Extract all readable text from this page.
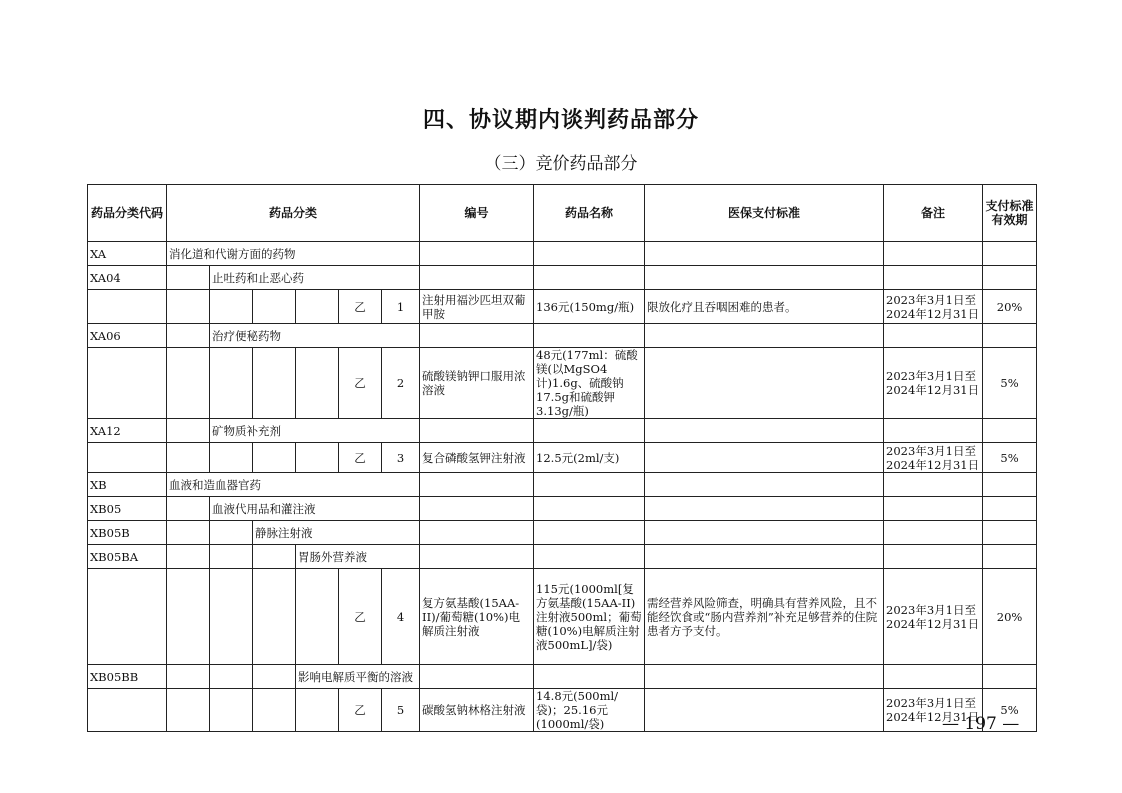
四、协议期内谈判药品部分
（三）竞价药品部分
药品分类代码	药品分类						编号	药品名称	医保支付标准	备注	支付标准有效期	
XA	消化道和代谢方面的药物											
XA04		止吐药和止恶心药										
					乙	1	注射用福沙匹坦双葡甲胺	136元(150mg/瓶)	限放化疗且吞咽困难的患者。	2023年3月1日至2024年12月31日	20%	
XA06		治疗便秘药物										
					乙	2	硫酸镁钠钾口服用浓溶液	48元(177ml：硫酸镁(以MgSO4计)1.6g、硫酸钠17.5g和硫酸钾3.13g/瓶)		2023年3月1日至2024年12月31日	5%	
XA12		矿物质补充剂										
					乙	3	复合磷酸氢钾注射液	12.5元(2ml/支)		2023年3月1日至2024年12月31日	5%	
XB	血液和造血器官药											
XB05		血液代用品和灌注液										
XB05B			静脉注射液									
XB05BA				胃肠外营养液								
					乙	4	复方氨基酸(15AA-II)/葡萄糖(10%)电解质注射液	115元(1000ml[复方氨基酸(15AA-II)注射液500ml；葡萄糖(10%)电解质注射液500mL]/袋)	需经营养风险筛查，明确具有营养风险，且不能经饮食或“肠内营养剂”补充足够营养的住院患者方予支付。	2023年3月1日至2024年12月31日	20%	
XB05BB				影响电解质平衡的溶液								
					乙	5	碳酸氢钠林格注射液	14.8元(500ml/袋)；25.16元(1000ml/袋)		2023年3月1日至2024年12月31日	5%	
— 197 —
